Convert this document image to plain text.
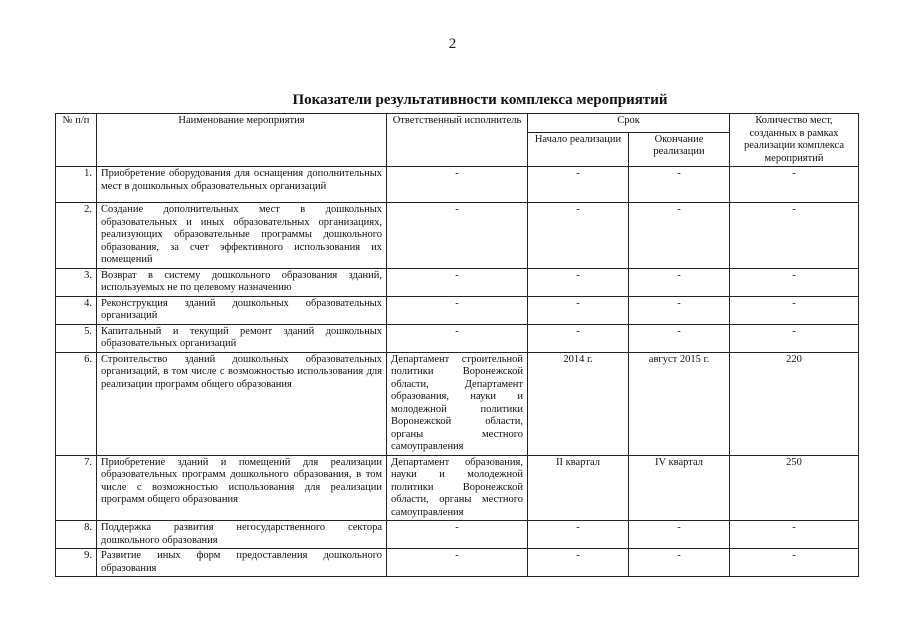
2
Показатели результативности комплекса мероприятий
№ п/п	Наименование мероприятия	Ответственный исполнитель	Срок		Количество мест, созданных в рамках реализации комплекса мероприятий
			Начало реализации	Окончание реализации	
1.	Приобретение оборудования для оснащения дополнительных мест в дошкольных образовательных организаций	-	-	-	-
2.	Создание дополнительных мест в дошкольных образовательных и иных образовательных организациях, реализующих образовательные программы дошкольного образования, за счет эффективного использования их помещений	-	-	-	-
3.	Возврат в систему дошкольного образования зданий, используемых не по целевому назначению	-	-	-	-
4.	Реконструкция зданий дошкольных образовательных организаций	-	-	-	-
5.	Капитальный и текущий ремонт зданий дошкольных образовательных организаций	-	-	-	-
6.	Строительство зданий дошкольных образовательных организаций, в том числе с возможностью использования для реализации программ общего образования	Департамент строительной политики Воронежской области, Департамент образования, науки и молодежной политики Воронежской области, органы местного самоуправления	2014 г.	август 2015 г.	220
7.	Приобретение зданий и помещений для реализации образовательных программ дошкольного образования, в том числе с возможностью использования для реализации программ общего образования	Департамент образования, науки и молодежной политики Воронежской области, органы местного самоуправления	II квартал	IV квартал	250
8.	Поддержка развития негосударственного сектора дошкольного образования	-	-	-	-
9.	Развитие иных форм предоставления дошкольного образования	-	-	-	-
